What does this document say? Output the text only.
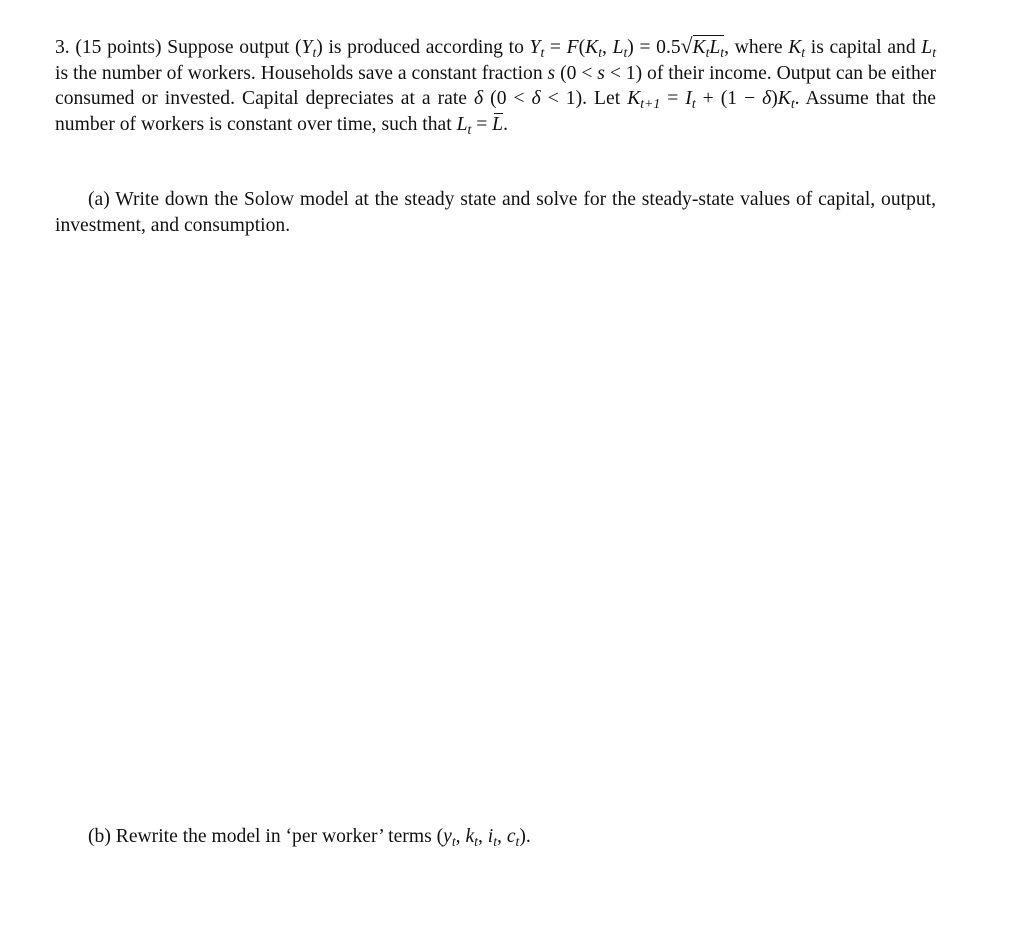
3. (15 points) Suppose output $(Y_t)$ is produced according to $Y_t = F(K_t$, $L_t) = 0.5√K_tL_t$, where $K_t$ is capital and $L_t$ is the number of workers. Households save a constant fraction s (0 < s < 1) of their income. Output can be either consumed or invested. Capital depreciates at a rate δ (0 < δ < 1). Let $K_{t+1} = I_t + (1 - \delta)K_t$. Assume that the number of workers is constant over time, such that $L_t = L$.
(a) Write down the Solow model at the steady state and solve for the steady-state values of capital, output, investment, and consumption.
(b) Rewrite the model in ‘per worker’ terms ($y_t$, $k_t$, $i_t$, $c_t$).
